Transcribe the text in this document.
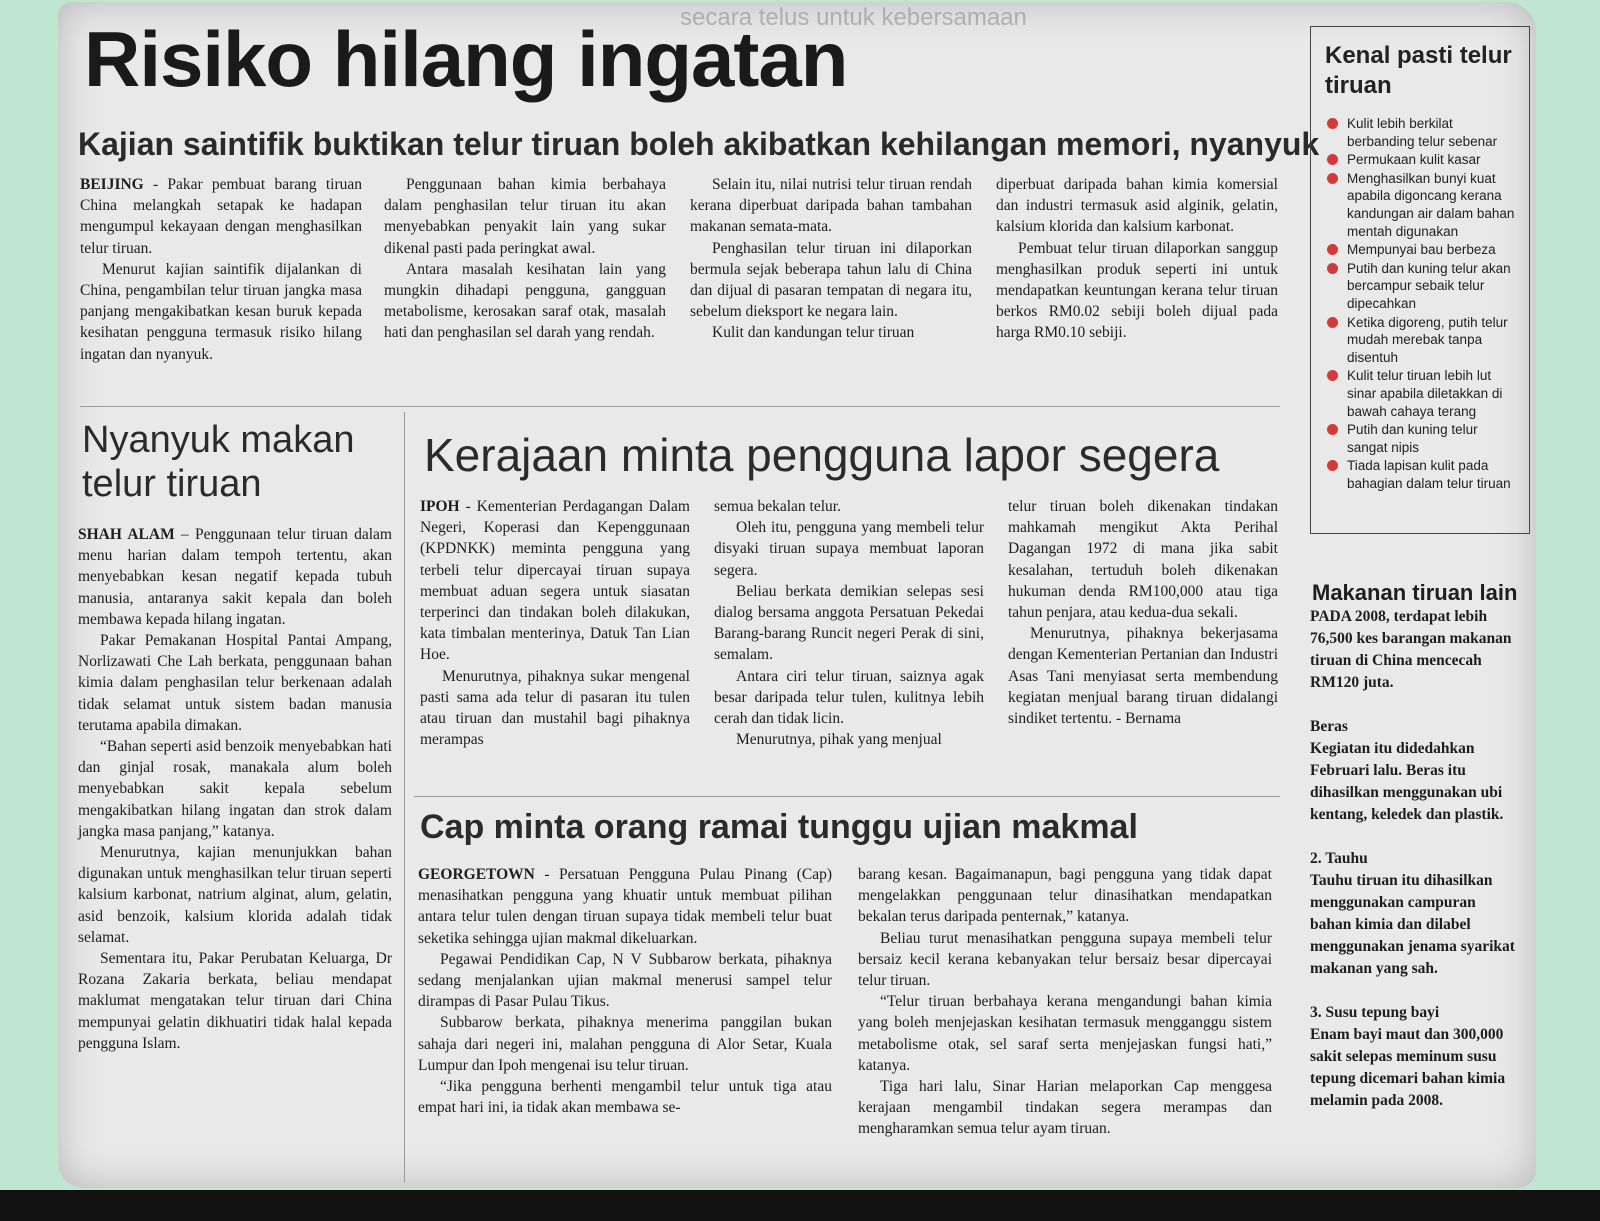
secara telus untuk kebersamaan
Risiko hilang ingatan
Kajian saintifik buktikan telur tiruan boleh akibatkan kehilangan memori, nyanyuk

BEIJING - Pakar pembuat barang tiruan China melangkah setapak ke hadapan mengumpul kekayaan dengan menghasilkan telur tiruan.

Menurut kajian saintifik dijalankan di China, pengambilan telur tiruan jangka masa panjang mengakibatkan kesan buruk kepada kesihatan pengguna termasuk risiko hilang ingatan dan nyanyuk.

Penggunaan bahan kimia berbahaya dalam penghasilan telur tiruan itu akan menyebabkan penyakit lain yang sukar dikenal pasti pada peringkat awal.

Antara masalah kesihatan lain yang mungkin dihadapi pengguna, gangguan metabolisme, kerosakan saraf otak, masalah hati dan penghasilan sel darah yang rendah.

Selain itu, nilai nutrisi telur tiruan rendah kerana diperbuat daripada bahan tambahan makanan semata-mata.

Penghasilan telur tiruan ini dilaporkan bermula sejak beberapa tahun lalu di China dan dijual di pasaran tempatan di negara itu, sebelum dieksport ke negara lain.

Kulit dan kandungan telur tiruan

diperbuat daripada bahan kimia komersial dan industri termasuk asid alginik, gelatin, kalsium klorida dan kalsium karbonat.

Pembuat telur tiruan dilaporkan sanggup menghasilkan produk seperti ini untuk mendapatkan keuntungan kerana telur tiruan berkos RM0.02 sebiji boleh dijual pada harga RM0.10 sebiji.

Nyanyuk makan telur tiruan

SHAH ALAM – Penggunaan telur tiruan dalam menu harian dalam tempoh tertentu, akan menyebabkan kesan negatif kepada tubuh manusia, antaranya sakit kepala dan boleh membawa kepada hilang ingatan.

Pakar Pemakanan Hospital Pantai Ampang, Norlizawati Che Lah berkata, penggunaan bahan kimia dalam penghasilan telur berkenaan adalah tidak selamat untuk sistem badan manusia terutama apabila dimakan.

“Bahan seperti asid benzoik menyebabkan hati dan ginjal rosak, manakala alum boleh menyebabkan sakit kepala sebelum mengakibatkan hilang ingatan dan strok dalam jangka masa panjang,” katanya.

Menurutnya, kajian menunjukkan bahan digunakan untuk menghasilkan telur tiruan seperti kalsium karbonat, natrium alginat, alum, gelatin, asid benzoik, kalsium klorida adalah tidak selamat.

Sementara itu, Pakar Perubatan Keluarga, Dr Rozana Zakaria berkata, beliau mendapat maklumat mengatakan telur tiruan dari China mempunyai gelatin dikhuatiri tidak halal kepada pengguna Islam.

Kerajaan minta pengguna lapor segera

IPOH - Kementerian Perdagangan Dalam Negeri, Koperasi dan Kepenggunaan (KPDNKK) meminta pengguna yang terbeli telur dipercayai tiruan supaya membuat aduan segera untuk siasatan terperinci dan tindakan boleh dilakukan, kata timbalan menterinya, Datuk Tan Lian Hoe.

Menurutnya, pihaknya sukar mengenal pasti sama ada telur di pasaran itu tulen atau tiruan dan mustahil bagi pihaknya merampas

semua bekalan telur.

Oleh itu, pengguna yang membeli telur disyaki tiruan supaya membuat laporan segera.

Beliau berkata demikian selepas sesi dialog bersama anggota Persatuan Pekedai Barang-barang Runcit negeri Perak di sini, semalam.

Antara ciri telur tiruan, saiznya agak besar daripada telur tulen, kulitnya lebih cerah dan tidak licin.

Menurutnya, pihak yang menjual

telur tiruan boleh dikenakan tindakan mahkamah mengikut Akta Perihal Dagangan 1972 di mana jika sabit kesalahan, tertuduh boleh dikenakan hukuman denda RM100,000 atau tiga tahun penjara, atau kedua-dua sekali.

Menurutnya, pihaknya bekerjasama dengan Kementerian Pertanian dan Industri Asas Tani menyiasat serta membendung kegiatan menjual barang tiruan didalangi sindiket tertentu. - Bernama

Cap minta orang ramai tunggu ujian makmal

GEORGETOWN - Persatuan Pengguna Pulau Pinang (Cap) menasihatkan pengguna yang khuatir untuk membuat pilihan antara telur tulen dengan tiruan supaya tidak membeli telur buat seketika sehingga ujian makmal dikeluarkan.

Pegawai Pendidikan Cap, N V Subbarow berkata, pihaknya sedang menjalankan ujian makmal menerusi sampel telur dirampas di Pasar Pulau Tikus.

Subbarow berkata, pihaknya menerima panggilan bukan sahaja dari negeri ini, malahan pengguna di Alor Setar, Kuala Lumpur dan Ipoh mengenai isu telur tiruan.

“Jika pengguna berhenti mengambil telur untuk tiga atau empat hari ini, ia tidak akan membawa se-

barang kesan. Bagaimanapun, bagi pengguna yang tidak dapat mengelakkan penggunaan telur dinasihatkan mendapatkan bekalan terus daripada penternak,” katanya.

Beliau turut menasihatkan pengguna supaya membeli telur bersaiz kecil kerana kebanyakan telur bersaiz besar dipercayai telur tiruan.

“Telur tiruan berbahaya kerana mengandungi bahan kimia yang boleh menjejaskan kesihatan termasuk mengganggu sistem metabolisme otak, sel saraf serta menjejaskan fungsi hati,” katanya.

Tiga hari lalu, Sinar Harian melaporkan Cap menggesa kerajaan mengambil tindakan segera merampas dan mengharamkan semua telur ayam tiruan.

Kenal pasti telur tiruan
Kulit lebih berkilat berbanding telur sebenar
Permukaan kulit kasar
Menghasilkan bunyi kuat apabila digoncang kerana kandungan air dalam bahan mentah digunakan
Mempunyai bau berbeza
Putih dan kuning telur akan bercampur sebaik telur dipecahkan
Ketika digoreng, putih telur mudah merebak tanpa disentuh
Kulit telur tiruan lebih lut sinar apabila diletakkan di bawah cahaya terang
Putih dan kuning telur sangat nipis
Tiada lapisan kulit pada bahagian dalam telur tiruan
Makanan tiruan lain

PADA 2008, terdapat lebih 76,500 kes barangan makanan tiruan di China mencecah RM120 juta.

Beras
Kegiatan itu didedahkan Februari lalu. Beras itu dihasilkan menggunakan ubi kentang, keledek dan plastik.

2. Tauhu
Tauhu tiruan itu dihasilkan menggunakan campuran bahan kimia dan dilabel menggunakan jenama syarikat makanan yang sah.

3. Susu tepung bayi
Enam bayi maut dan 300,000 sakit selepas meminum susu tepung dicemari bahan kimia melamin pada 2008.
